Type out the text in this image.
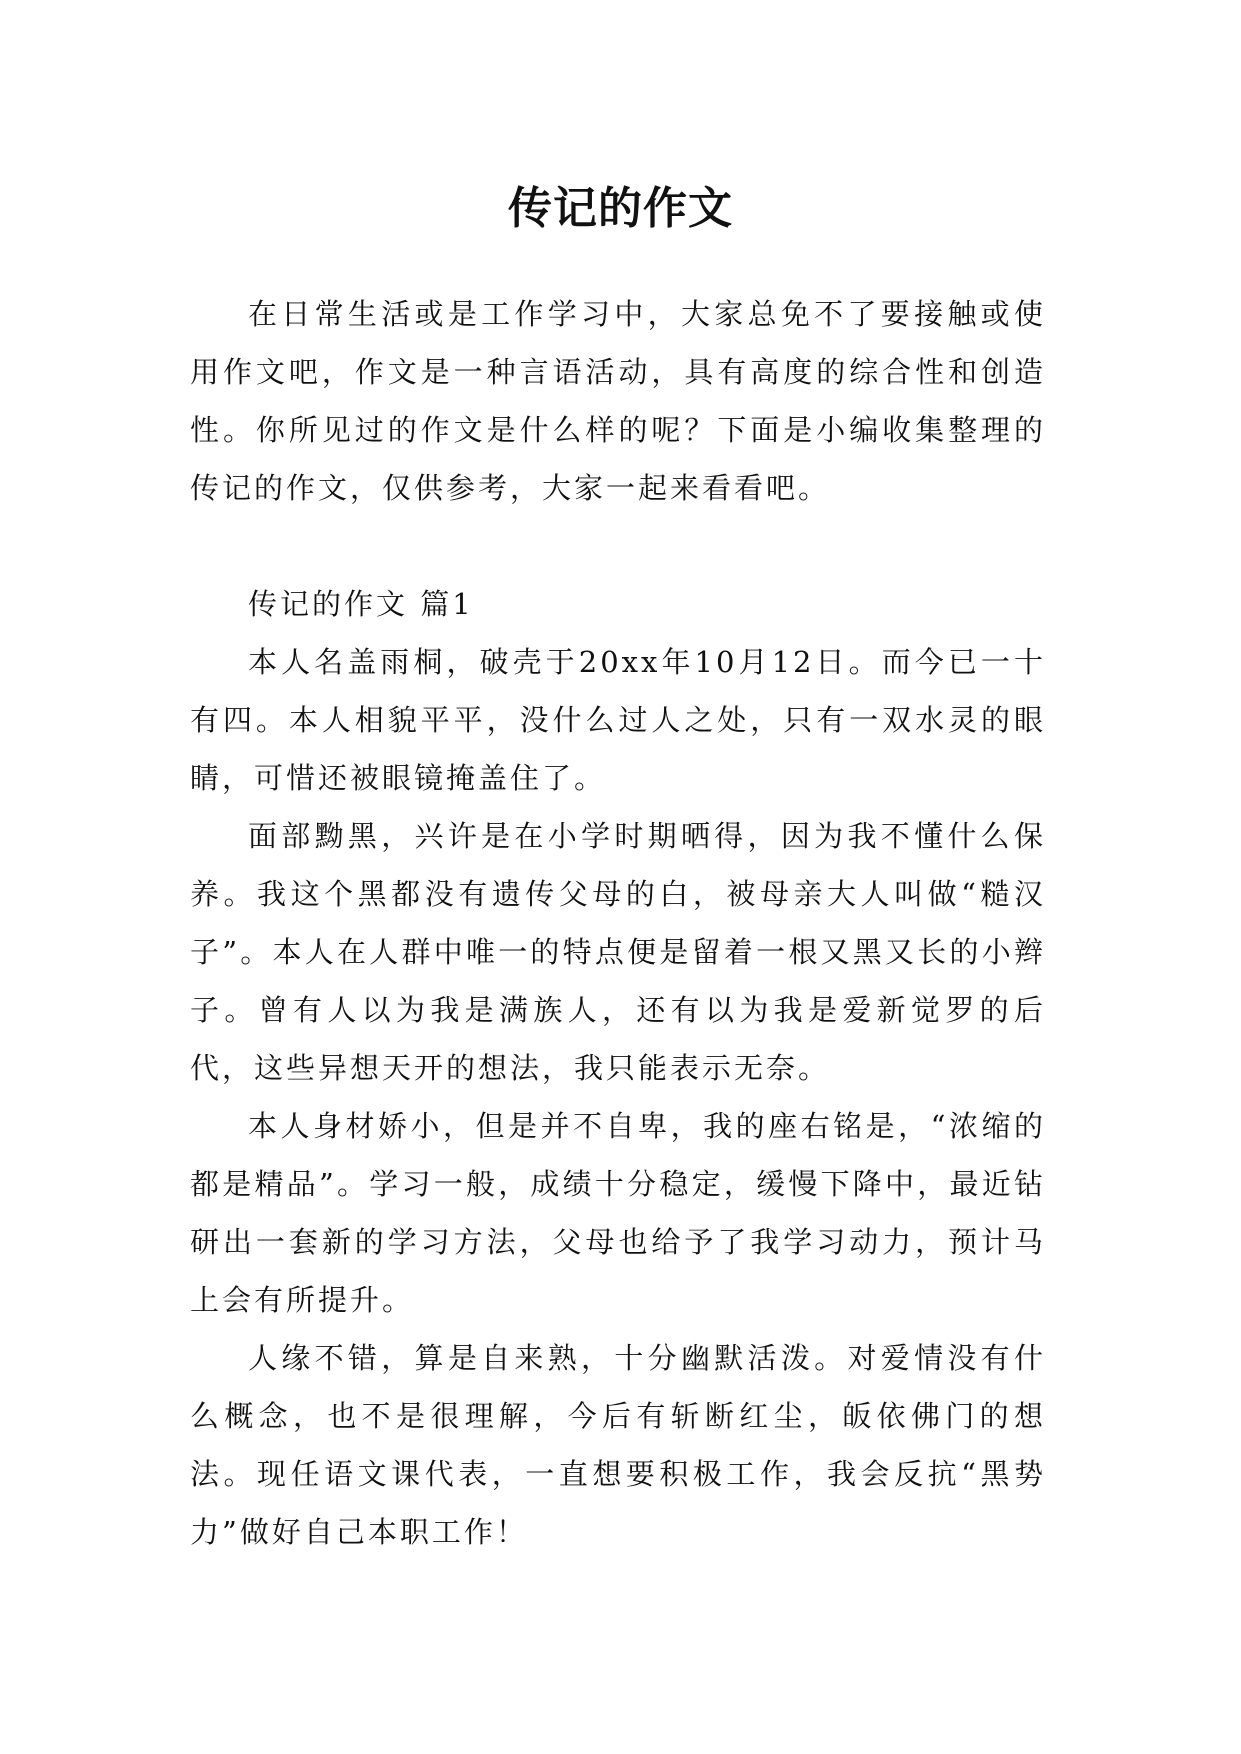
传记的作文

在日常生活或是工作学习中，大家总免不了要接触或使用作文吧，作文是一种言语活动，具有高度的综合性和创造性。你所见过的作文是什么样的呢？下面是小编收集整理的传记的作文，仅供参考，大家一起来看看吧。

传记的作文 篇1

本人名盖雨桐，破壳于20xx年10月12日。而今已一十有四。本人相貌平平，没什么过人之处，只有一双水灵的眼睛，可惜还被眼镜掩盖住了。

面部黝黑，兴许是在小学时期晒得，因为我不懂什么保养。我这个黑都没有遗传父母的白，被母亲大人叫做“糙汉子”。本人在人群中唯一的特点便是留着一根又黑又长的小辫子。曾有人以为我是满族人，还有以为我是爱新觉罗的后代，这些异想天开的想法，我只能表示无奈。

本人身材娇小，但是并不自卑，我的座右铭是，“浓缩的都是精品”。学习一般，成绩十分稳定，缓慢下降中，最近钻研出一套新的学习方法，父母也给予了我学习动力，预计马上会有所提升。

人缘不错，算是自来熟，十分幽默活泼。对爱情没有什么概念，也不是很理解，今后有斩断红尘，皈依佛门的想法。现任语文课代表，一直想要积极工作，我会反抗“黑势力”做好自己本职工作！
